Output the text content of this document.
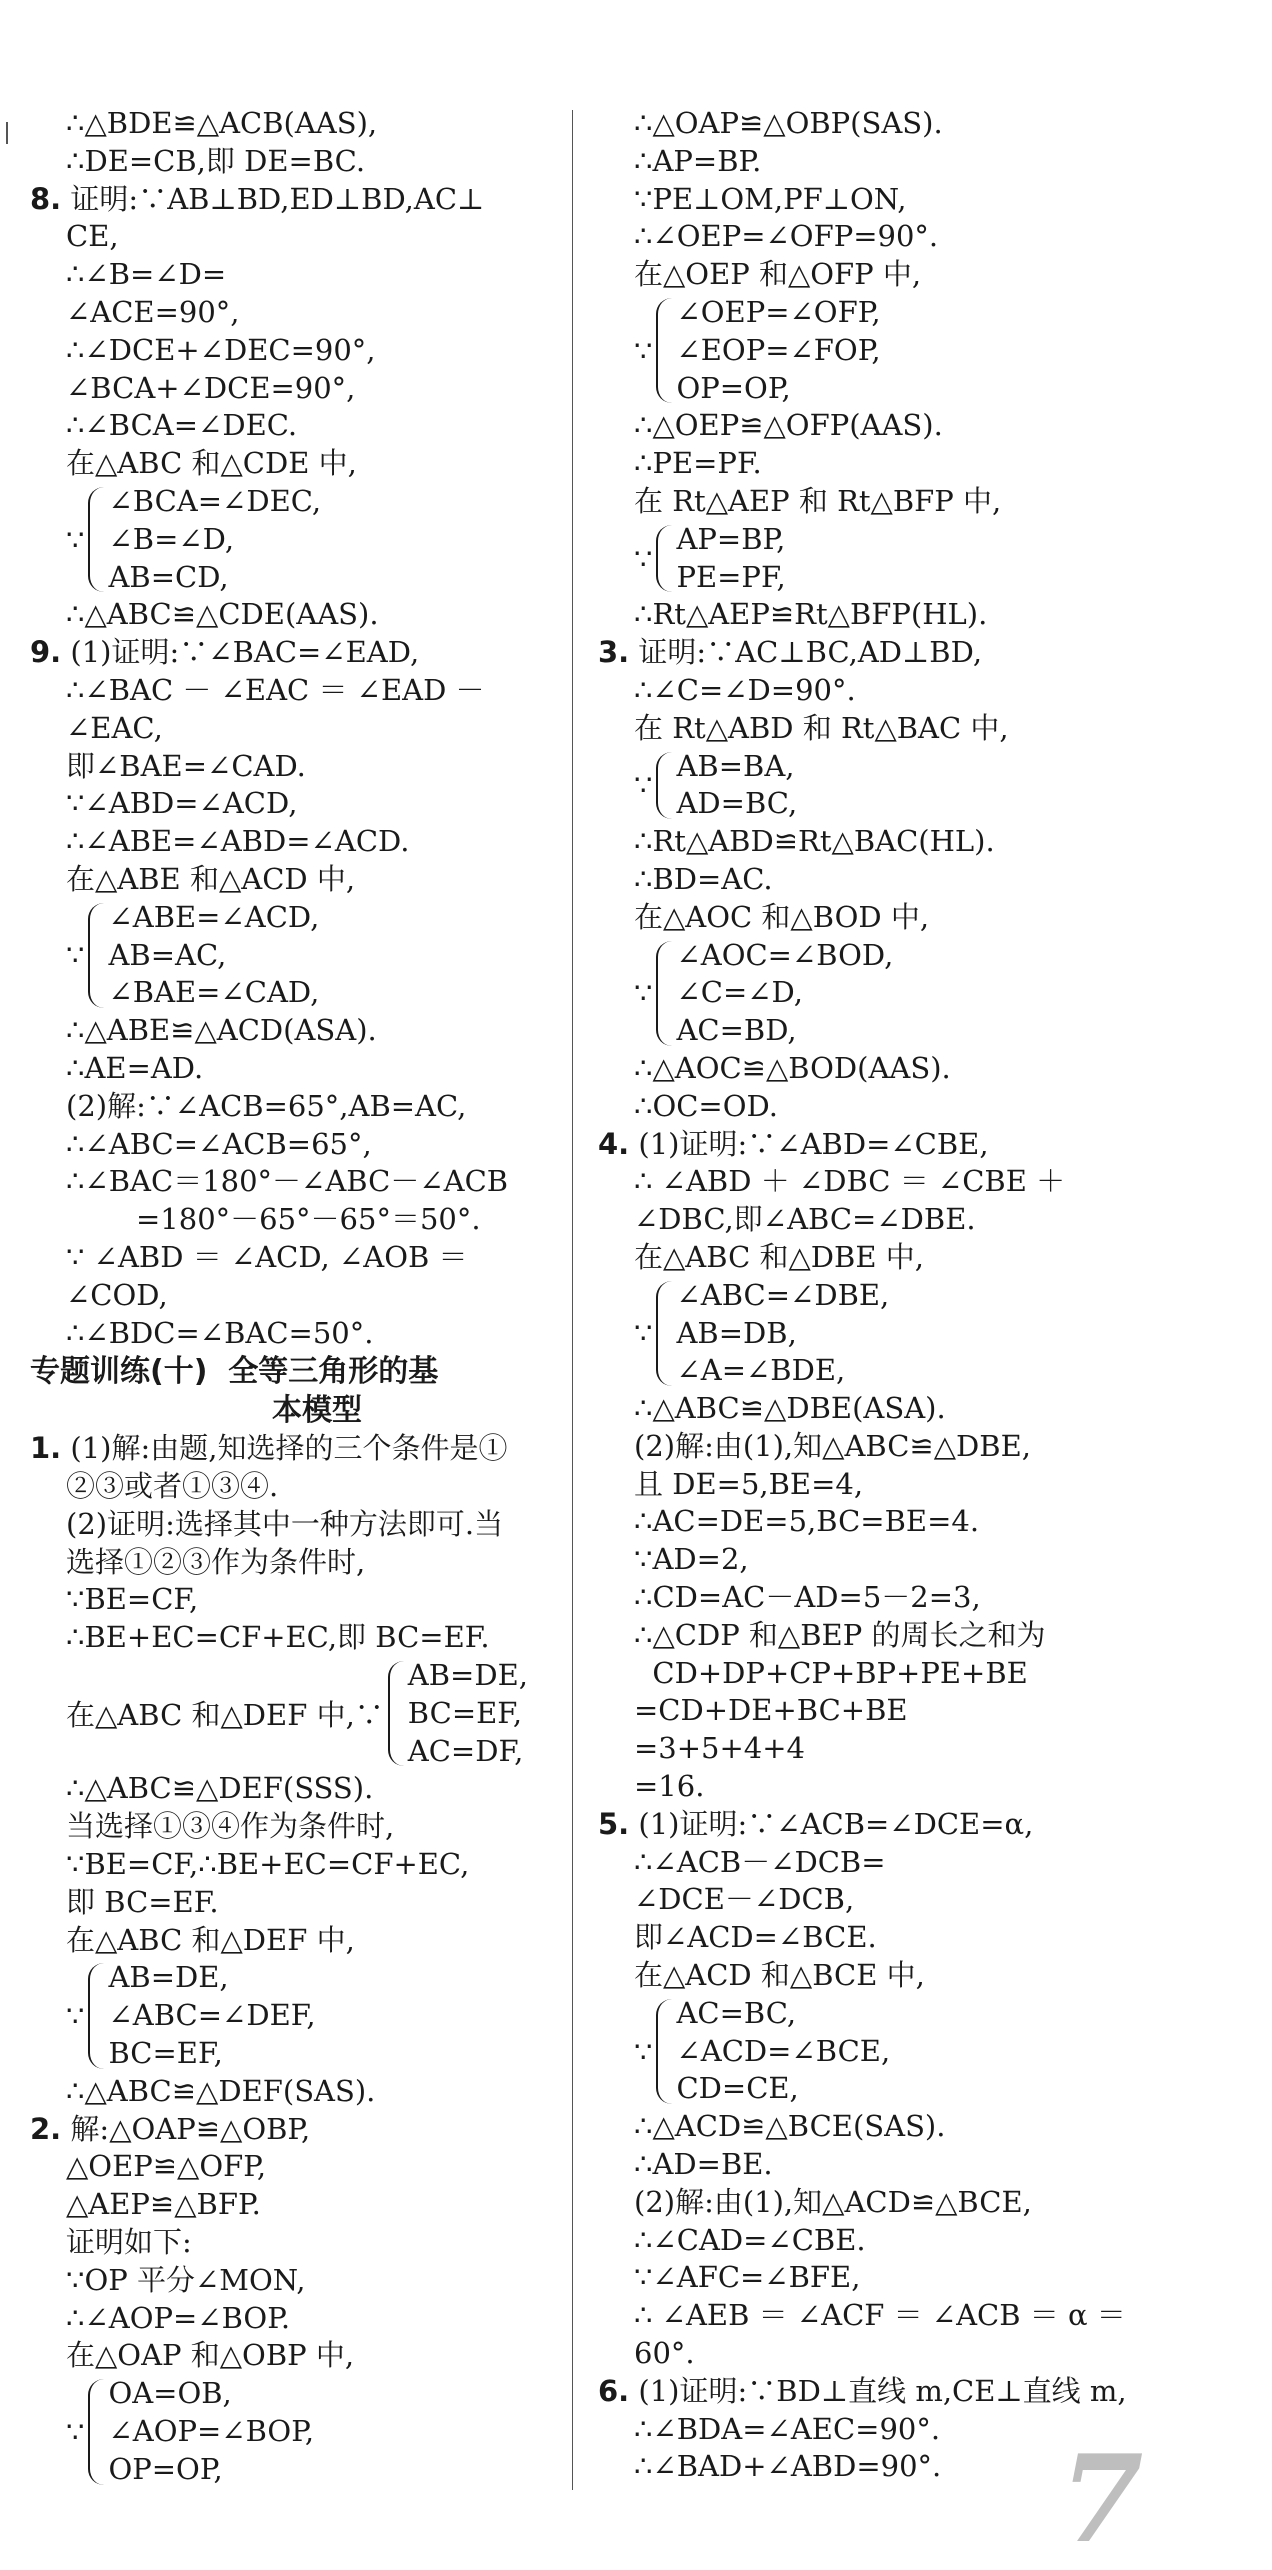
∴△BDE≌△ACB(AAS),
∴DE=CB,即 DE=BC.
8. 证明:∵AB⊥BD,ED⊥BD,AC⊥
CE,
∴∠B=∠D=
∠ACE=90°,
∴∠DCE+∠DEC=90°,
∠BCA+∠DCE=90°,
∴∠BCA=∠DEC.
在△ABC 和△CDE 中,
∵
∠BCA=∠DEC,
∠B=∠D,
AB=CD,
∴△ABC≌△CDE(AAS).
9. (1)证明:∵∠BAC=∠EAD,
∴∠BAC － ∠EAC ＝ ∠EAD －
∠EAC,
即∠BAE=∠CAD.
∵∠ABD=∠ACD,
∴∠ABE=∠ABD=∠ACD.
在△ABE 和△ACD 中,
∵
∠ABE=∠ACD,
AB=AC,
∠BAE=∠CAD,
∴△ABE≌△ACD(ASA).
∴AE=AD.
(2)解:∵∠ACB=65°,AB=AC,
∴∠ABC=∠ACB=65°,
∴∠BAC＝180°－∠ABC－∠ACB
=180°－65°－65°＝50°.
∵ ∠ABD ＝ ∠ACD, ∠AOB ＝
∠COD,
∴∠BDC=∠BAC=50°.
专题训练(十)  全等三角形的基
本模型
1. (1)解:由题,知选择的三个条件是①
②③或者①③④.
(2)证明:选择其中一种方法即可.当
选择①②③作为条件时,
∵BE=CF,
∴BE+EC=CF+EC,即 BC=EF.
在△ABC 和△DEF 中,∵
AB=DE,
BC=EF,
AC=DF,
∴△ABC≌△DEF(SSS).
当选择①③④作为条件时,
∵BE=CF,∴BE+EC=CF+EC,
即 BC=EF.
在△ABC 和△DEF 中,
∵
AB=DE,
∠ABC=∠DEF,
BC=EF,
∴△ABC≌△DEF(SAS).
2. 解:△OAP≌△OBP,
△OEP≌△OFP,
△AEP≌△BFP.
证明如下:
∵OP 平分∠MON,
∴∠AOP=∠BOP.
在△OAP 和△OBP 中,
∵
OA=OB,
∠AOP=∠BOP,
OP=OP,
∴△OAP≌△OBP(SAS).
∴AP=BP.
∵PE⊥OM,PF⊥ON,
∴∠OEP=∠OFP=90°.
在△OEP 和△OFP 中,
∵
∠OEP=∠OFP,
∠EOP=∠FOP,
OP=OP,
∴△OEP≌△OFP(AAS).
∴PE=PF.
在 Rt△AEP 和 Rt△BFP 中,
∵
AP=BP,
PE=PF,
∴Rt△AEP≌Rt△BFP(HL).
3. 证明:∵AC⊥BC,AD⊥BD,
∴∠C=∠D=90°.
在 Rt△ABD 和 Rt△BAC 中,
∵
AB=BA,
AD=BC,
∴Rt△ABD≌Rt△BAC(HL).
∴BD=AC.
在△AOC 和△BOD 中,
∵
∠AOC=∠BOD,
∠C=∠D,
AC=BD,
∴△AOC≌△BOD(AAS).
∴OC=OD.
4. (1)证明:∵∠ABD=∠CBE,
∴ ∠ABD ＋ ∠DBC ＝ ∠CBE ＋
∠DBC,即∠ABC=∠DBE.
在△ABC 和△DBE 中,
∵
∠ABC=∠DBE,
AB=DB,
∠A=∠BDE,
∴△ABC≌△DBE(ASA).
(2)解:由(1),知△ABC≌△DBE,
且 DE=5,BE=4,
∴AC=DE=5,BC=BE=4.
∵AD=2,
∴CD=AC－AD=5－2=3,
∴△CDP 和△BEP 的周长之和为
CD+DP+CP+BP+PE+BE
=CD+DE+BC+BE
=3+5+4+4
=16.
5. (1)证明:∵∠ACB=∠DCE=α,
∴∠ACB－∠DCB=
∠DCE－∠DCB,
即∠ACD=∠BCE.
在△ACD 和△BCE 中,
∵
AC=BC,
∠ACD=∠BCE,
CD=CE,
∴△ACD≌△BCE(SAS).
∴AD=BE.
(2)解:由(1),知△ACD≌△BCE,
∴∠CAD=∠CBE.
∵∠AFC=∠BFE,
∴ ∠AEB ＝ ∠ACF ＝ ∠ACB ＝ α ＝
60°.
6. (1)证明:∵BD⊥直线 m,CE⊥直线 m,
∴∠BDA=∠AEC=90°.
∴∠BAD+∠ABD=90°. 7
